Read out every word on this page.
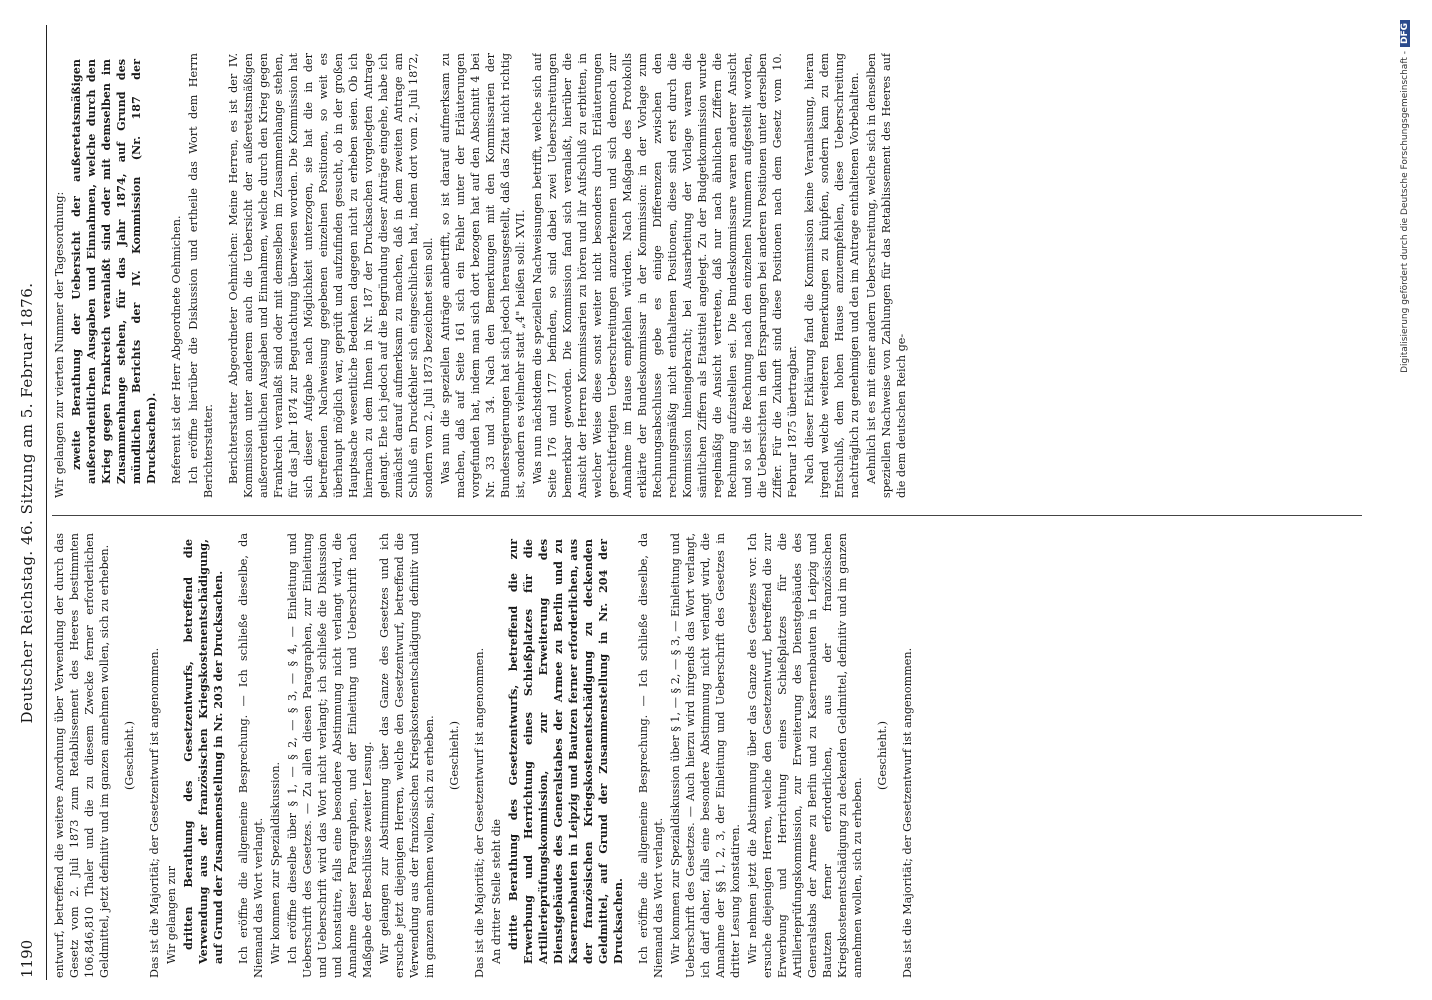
1190
Deutscher Reichstag. 46. Sitzung am 5. Februar 1876.

entwurf, betreffend die weitere Anordnung über Verwendung der durch das Gesetz vom 2. Juli 1873 zum Retablissement des Heeres bestimmten 106,846,810 Thaler und die zu diesem Zwecke ferner erforderlichen Geldmittel, jetzt definitiv und im ganzen annehmen wollen, sich zu erheben. (Geschieht.) Das ist die Majorität; der Gesetzentwurf ist angenommen. Wir gelangen zur dritten Berathung des Gesetzentwurfs, betreffend die Verwendung aus der französischen Kriegskostenentschädigung, auf Grund der Zusammenstellung in Nr. 203 der Drucksachen. Ich eröffne die allgemeine Besprechung. — Ich schließe dieselbe, da Niemand das Wort verlangt. Wir kommen zur Spezialdiskussion. Ich eröffne dieselbe über § 1, — § 2, — § 3, — § 4, — Einleitung und Ueberschrift des Gesetzes. — Zu allen diesen Paragraphen, zur Einleitung und Ueberschrift wird das Wort nicht verlangt; ich schließe die Diskussion und konstatire, falls eine besondere Abstimmung nicht verlangt wird, die Annahme dieser Paragraphen, und der Einleitung und Ueberschrift nach Maßgabe der Beschlüsse zweiter Lesung. Wir gelangen zur Abstimmung über das Ganze des Gesetzes und ich ersuche jetzt diejenigen Herren, welche den Gesetzentwurf, betreffend die Verwendung aus der französischen Kriegskostenentschädigung definitiv und im ganzen annehmen wollen, sich zu erheben. (Geschieht.) Das ist die Majorität; der Gesetzentwurf ist angenommen. An dritter Stelle steht die dritte Berathung des Gesetzentwurfs, betreffend die zur Erwerbung und Herrichtung eines Schießplatzes für die Artillerieprüfungskommission, zur Erweiterung des Dienstgebäudes des Generalstabes der Armee zu Berlin und zu Kasernenbauten in Leipzig und Bautzen ferner erforderlichen, aus der französischen Kriegskostenentschädigung zu deckenden Geldmittel, auf Grund der Zusammenstellung in Nr. 204 der Drucksachen. Ich eröffne die allgemeine Besprechung. — Ich schließe dieselbe, da Niemand das Wort verlangt. Wir kommen zur Spezialdiskussion über § 1, — § 2, — § 3, — Einleitung und Ueberschrift des Gesetzes. — Auch hierzu wird nirgends das Wort verlangt, ich darf daher, falls eine besondere Abstimmung nicht verlangt wird, die Annahme der §§ 1, 2, 3, der Einleitung und Ueberschrift des Gesetzes in dritter Lesung konstatiren. Wir nehmen jetzt die Abstimmung über das Ganze des Gesetzes vor. Ich ersuche diejenigen Herren, welche den Gesetzentwurf, betreffend die zur Erwerbung und Herrichtung eines Schießplatzes für die Artillerieprüfungskommission, zur Erweiterung des Dienstgebäudes des Generalstabs der Armee zu Berlin und zu Kasernenbauten in Leipzig und Bautzen ferner erforderlichen, aus der französischen Kriegskostenentschädigung zu deckenden Geldmittel, definitiv und im ganzen annehmen wollen, sich zu erheben.

(Geschieht.) Das ist die Majorität; der Gesetzentwurf ist angenommen.

Wir gelangen zur vierten Nummer der Tagesordnung: zweite Berathung der Uebersicht der außeretatsmäßigen außerordentlichen Ausgaben und Einnahmen, welche durch den Krieg gegen Frankreich veranlaßt sind oder mit demselben im Zusammenhange stehen, für das Jahr 1874, auf Grund des mündlichen Berichts der IV. Kommission (Nr. 187 der Drucksachen). Referent ist der Herr Abgeordnete Oehmichen. Ich eröffne hierüber die Diskussion und ertheile das Wort dem Herrn Berichterstatter. Berichterstatter Abgeordneter Oehmichen: Meine Herren, es ist der IV. Kommission unter anderem auch die Uebersicht der außeretatsmäßigen außerordentlichen Ausgaben und Einnahmen, welche durch den Krieg gegen Frankreich veranlaßt sind oder mit demselben im Zusammenhange stehen, für das Jahr 1874 zur Begutachtung überwiesen worden. Die Kommission hat sich dieser Aufgabe nach Möglichkeit unterzogen, sie hat die in der betreffenden Nachweisung gegebenen einzelnen Positionen, so weit es überhaupt möglich war, geprüft und aufzufinden gesucht, ob in der großen Hauptsache wesentliche Bedenken dagegen nicht zu erheben seien. Ob ich hiernach zu dem Ihnen in Nr. 187 der Drucksachen vorgelegten Antrage gelangt. Ehe ich jedoch auf die Begründung dieser Anträge eingehe, habe ich zunächst darauf aufmerksam zu machen, daß in dem zweiten Antrage am Schluß ein Druckfehler sich eingeschlichen hat, indem dort vom 2. Juli 1872, sondern vom 2. Juli 1873 bezeichnet sein soll. Was nun die speziellen Anträge anbetrifft, so ist darauf aufmerksam zu machen, daß auf Seite 161 sich ein Fehler unter der Erläuterungen vorgefunden hat, indem man sich dort bezogen hat auf den Abschnitt 4 bei Nr. 33 und 34. Nach den Bemerkungen mit den Kommissarien der Bundesregierungen hat sich jedoch herausgestellt, daß das Zitat nicht richtig ist, sondern es vielmehr statt „4" heißen soll: XVII. Was nun nächstdem die speziellen Nachweisungen betrifft, welche sich auf Seite 176 und 177 befinden, so sind dabei zwei Ueberschreitungen bemerkbar geworden. Die Kommission fand sich veranlaßt, hierüber die Ansicht der Herren Kommissarien zu hören und ihr Aufschluß zu erbitten, in welcher Weise diese sonst weiter nicht besonders durch Erläuterungen gerechtfertigten Ueberschreitungen anzuerkennen und sich dennoch zur Annahme im Hause empfehlen würden. Nach Maßgabe des Protokolls erklärte der Bundeskommissar in der Kommission: in der Vorlage zum Rechnungsabschlusse gebe es einige Differenzen zwischen den rechnungsmäßig nicht enthaltenen Positionen, diese sind erst durch die Kommission hineingebracht; bei Ausarbeitung der Vorlage waren die sämtlichen Ziffern als Etatstitel angelegt. Zu der Budgetkommission wurde regelmäßig die Ansicht vertreten, daß nur nach ähnlichen Ziffern die Rechnung aufzustellen sei. Die Bundeskommissare waren anderer Ansicht und so ist die Rechnung nach den einzelnen Nummern aufgestellt worden, die Uebersichten in den Ersparungen bei anderen Positionen unter derselben Ziffer. Für die Zukunft sind diese Positionen nach dem Gesetz vom 10. Februar 1875 übertragbar. Nach dieser Erklärung fand die Kommission keine Veranlassung, hieran irgend welche weiteren Bemerkungen zu knüpfen, sondern kam zu dem Entschluß, dem hohen Hause anzuempfehlen, diese Ueberschreitung nachträglich zu genehmigen und den im Antrage enthaltenen Vorbehalten. Aehnlich ist es mit einer andern Ueberschreitung, welche sich in denselben speziellen Nachweise von Zahlungen für das Retablissement des Heeres auf die dem deutschen Reich ge-

Digitalisierung gefördert durch die Deutsche Forschungsgemeinschaft -DFG
